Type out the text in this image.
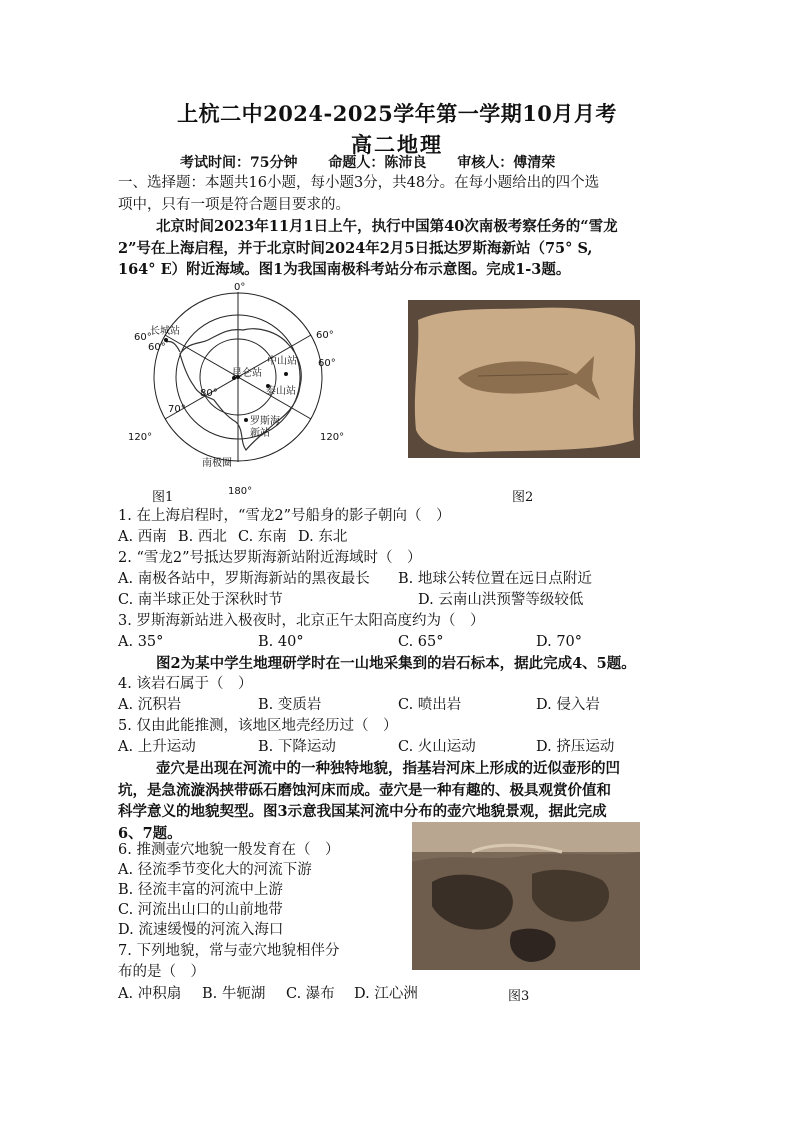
上杭二中2024-2025学年第一学期10月月考
高二地理
考试时间：75分钟 命题人：陈沛良 审核人：傅清荣
一、选择题：本题共16小题，每小题3分，共48分。在每小题给出的四个选
项中，只有一项是符合题目要求的。
北京时间2023年11月1日上午，执行中国第40次南极考察任务的“雪龙
2”号在上海启程，并于北京时间2024年2月5日抵达罗斯海新站（75° S,
164° E）附近海域。图1为我国南极科考站分布示意图。完成1-3题。
0°
180°
60°	60°
60°
120°	120°
80°
70°
60°
长城站
中山站
昆仑站
泰山站
罗斯海
新站
南极圈
图1	图2
1. 在上海启程时，“雪龙2”号船身的影子朝向（　）
A. 西南 B. 西北 C. 东南 D. 东北
2. “雪龙2”号抵达罗斯海新站附近海域时（　）
A. 南极各站中，罗斯海新站的黑夜最长 B. 地球公转位置在远日点附近
C. 南半球正处于深秋时节	D. 云南山洪预警等级较低
3. 罗斯海新站进入极夜时，北京正午太阳高度约为（　）
A. 35°	B. 40°	C. 65°	D. 70°
图2为某中学生地理研学时在一山地采集到的岩石标本，据此完成4、5题。
4. 该岩石属于（　）
A. 沉积岩	B. 变质岩	C. 喷出岩	D. 侵入岩
5. 仅由此能推测，该地区地壳经历过（　）
A. 上升运动	B. 下降运动	C. 火山运动	D. 挤压运动
壶穴是出现在河流中的一种独特地貌，指基岩河床上形成的近似壶形的凹
坑，是急流漩涡挟带砾石磨蚀河床而成。壶穴是一种有趣的、极具观赏价值和
科学意义的地貌契型。图3示意我国某河流中分布的壶穴地貌景观，据此完成
6、7题。
6. 推测壶穴地貌一般发育在（　）
A. 径流季节变化大的河流下游
B. 径流丰富的河流中上游
C. 河流出山口的山前地带
D. 流速缓慢的河流入海口
7. 下列地貌，常与壶穴地貌相伴分
布的是（　）
A. 冲积扇 B. 牛轭湖 C. 瀑布 D. 江心洲	图3
